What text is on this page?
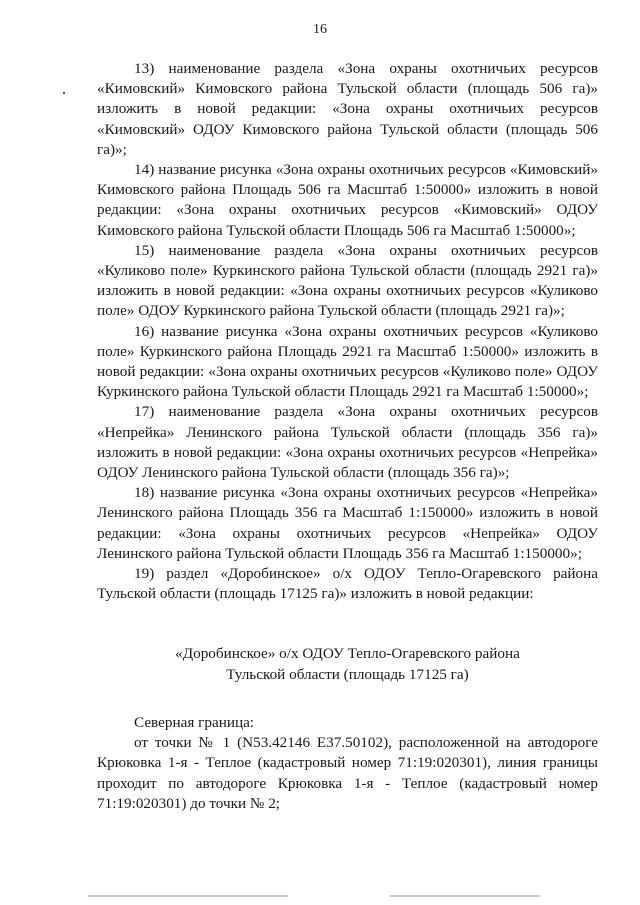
16

13) наименование раздела «Зона охраны охотничьих ресурсов «Кимовский» Кимовского района Тульской области (площадь 506 га)» изложить в новой редакции: «Зона охраны охотничьих ресурсов «Кимовский» ОДОУ Кимовского района Тульской области (площадь 506 га)»;

14) название рисунка «Зона охраны охотничьих ресурсов «Кимовский» Кимовского района Площадь 506 га Масштаб 1:50000» изложить в новой редакции: «Зона охраны охотничьих ресурсов «Кимовский» ОДОУ Кимовского района Тульской области Площадь 506 га Масштаб 1:50000»;

15) наименование раздела «Зона охраны охотничьих ресурсов «Куликово поле» Куркинского района Тульской области (площадь 2921 га)» изложить в новой редакции: «Зона охраны охотничьих ресурсов «Куликово поле» ОДОУ Куркинского района Тульской области (площадь 2921 га)»;

16) название рисунка «Зона охраны охотничьих ресурсов «Куликово поле» Куркинского района Площадь 2921 га Масштаб 1:50000» изложить в новой редакции: «Зона охраны охотничьих ресурсов «Куликово поле» ОДОУ Куркинского района Тульской области Площадь 2921 га Масштаб 1:50000»;

17) наименование раздела «Зона охраны охотничьих ресурсов «Непрейка» Ленинского района Тульской области (площадь 356 га)» изложить в новой редакции: «Зона охраны охотничьих ресурсов «Непрейка» ОДОУ Ленинского района Тульской области (площадь 356 га)»;

18) название рисунка «Зона охраны охотничьих ресурсов «Непрейка» Ленинского района Площадь 356 га Масштаб 1:150000» изложить в новой редакции: «Зона охраны охотничьих ресурсов «Непрейка» ОДОУ Ленинского района Тульской области Площадь 356 га Масштаб 1:150000»;

19) раздел «Доробинское» о/х ОДОУ Тепло-Огаревского района Тульской области (площадь 17125 га)» изложить в новой редакции:

«Доробинское» о/х ОДОУ Тепло-Огаревского района
Тульской области (площадь 17125 га)

Северная граница:

от точки № 1 (N53.42146 E37.50102), расположенной на автодороге Крюковка 1-я - Теплое (кадастровый номер 71:19:020301), линия границы проходит по автодороге Крюковка 1-я - Теплое (кадастровый номер 71:19:020301) до точки № 2;
